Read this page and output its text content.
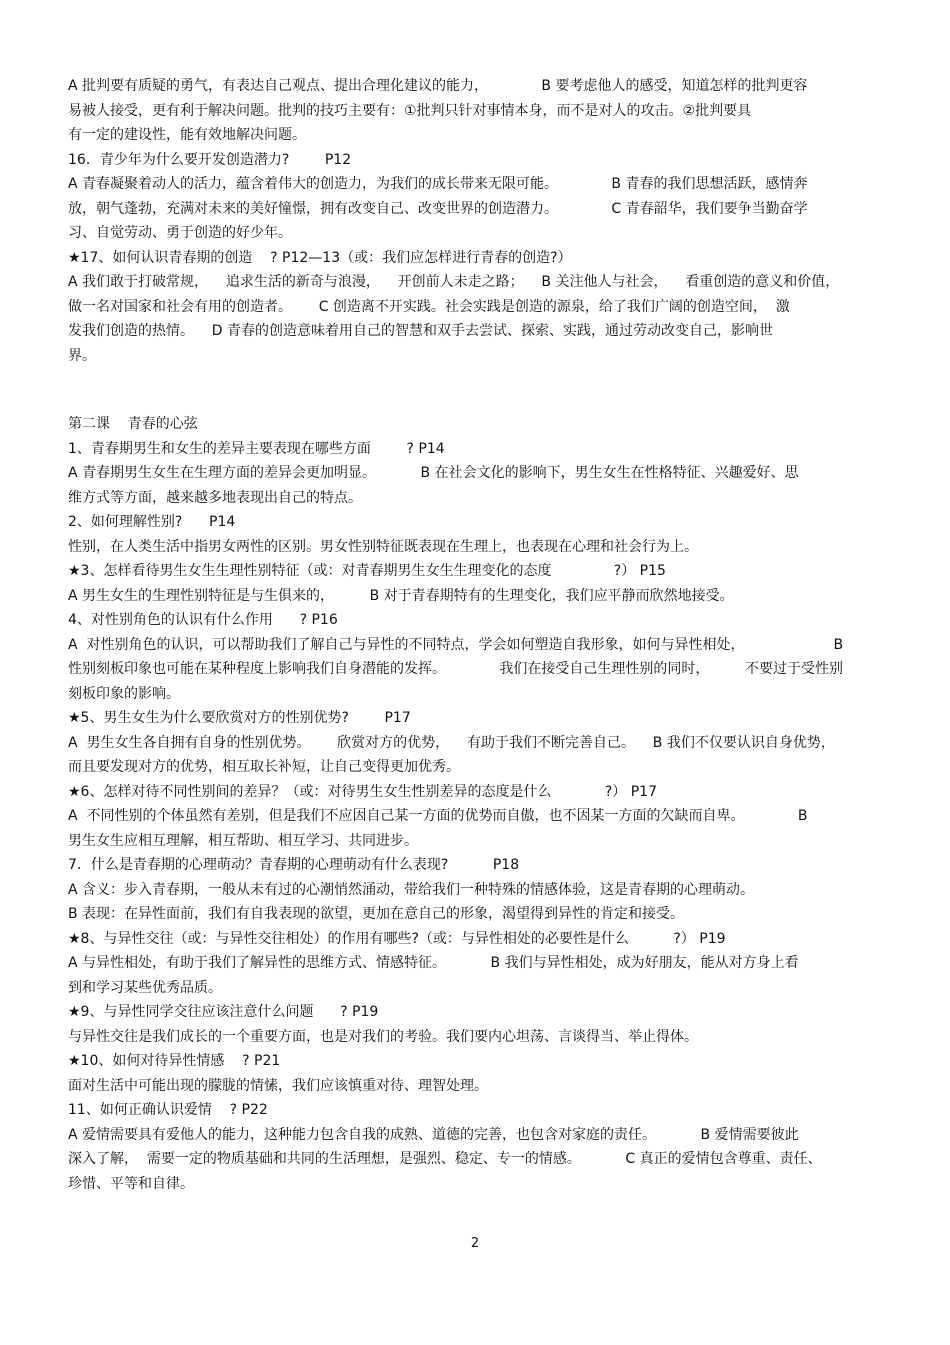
A 批判要有质疑的勇气，有表达自己观点、提出合理化建议的能力，            B 要考虑他人的感受，知道怎样的批判更容

易被人接受，更有利于解决问题。批判的技巧主要有：①批判只针对事情本身，而不是对人的攻击。②批判要具

有一定的建设性，能有效地解决问题。

16．青少年为什么要开发创造潜力?        P12

A 青春凝聚着动人的活力，蕴含着伟大的创造力，为我们的成长带来无限可能。            B 青春的我们思想活跃，感情奔

放，朝气蓬勃，充满对未来的美好憧憬，拥有改变自己、改变世界的创造潜力。            C 青春韶华，我们要争当勤奋学

习、自觉劳动、勇于创造的好少年。

★17、如何认识青春期的创造    ? P12—13（或：我们应怎样进行青春的创造?）

A 我们敢于打破常规，    追求生活的新奇与浪漫，    开创前人未走之路；    B 关注他人与社会，    看重创造的意义和价值，

做一名对国家和社会有用的创造者。      C 创造离不开实践。社会实践是创造的源泉，给了我们广阔的创造空间，  激

发我们创造的热情。    D 青春的创造意味着用自己的智慧和双手去尝试、探索、实践，通过劳动改变自己，影响世

界。

第二课    青春的心弦

1、青春期男生和女生的差异主要表现在哪些方面        ? P14

A 青春期男生女生在生理方面的差异会更加明显。          B 在社会文化的影响下，男生女生在性格特征、兴趣爱好、思

维方式等方面，越来越多地表现出自己的特点。

2、如何理解性别?      P14

性别，在人类生活中指男女两性的区别。男女性别特征既表现在生理上，也表现在心理和社会行为上。

★3、怎样看待男生女生生理性别特征（或：对青春期男生女生生理变化的态度              ?） P15

A 男生女生的生理性别特征是与生俱来的，        B 对于青春期特有的生理变化，我们应平静而欣然地接受。

4、对性别角色的认识有什么作用      ? P16

A  对性别角色的认识，可以帮助我们了解自己与异性的不同特点，学会如何塑造自我形象，如何与异性相处，                    B

性别刻板印象也可能在某种程度上影响我们自身潜能的发挥。            我们在接受自己生理性别的同时，        不要过于受性别

刻板印象的影响。

★5、男生女生为什么要欣赏对方的性别优势?        P17

A  男生女生各自拥有自身的性别优势。      欣赏对方的优势，    有助于我们不断完善自己。    B 我们不仅要认识自身优势，

而且要发现对方的优势，相互取长补短，让自己变得更加优秀。

★6、怎样对待不同性别间的差异？（或：对待男生女生性别差异的态度是什么            ?） P17

A  不同性别的个体虽然有差别，但是我们不应因自己某一方面的优势而自傲，也不因某一方面的欠缺而自卑。            B

男生女生应相互理解，相互帮助、相互学习、共同进步。

7．什么是青春期的心理萌动？青春期的心理萌动有什么表现?          P18

A 含义：步入青春期，一般从未有过的心潮悄然涌动，带给我们一种特殊的情感体验，这是青春期的心理萌动。

B 表现：在异性面前，我们有自我表现的欲望，更加在意自己的形象，渴望得到异性的肯定和接受。

★8、与异性交往（或：与异性交往相处）的作用有哪些?（或：与异性相处的必要性是什么          ?） P19

A 与异性相处，有助于我们了解异性的思维方式、情感特征。          B 我们与异性相处，成为好朋友，能从对方身上看

到和学习某些优秀品质。

★9、与异性同学交往应该注意什么问题      ? P19

与异性交往是我们成长的一个重要方面，也是对我们的考验。我们要内心坦荡、言谈得当、举止得体。

★10、如何对待异性情感    ? P21

面对生活中可能出现的朦胧的情愫，我们应该慎重对待、理智处理。

11、如何正确认识爱情    ? P22

A 爱情需要具有爱他人的能力，这种能力包含自我的成熟、道德的完善，也包含对家庭的责任。          B 爱情需要彼此

深入了解，  需要一定的物质基础和共同的生活理想，是强烈、稳定、专一的情感。          C 真正的爱情包含尊重、责任、

珍惜、平等和自律。

2
